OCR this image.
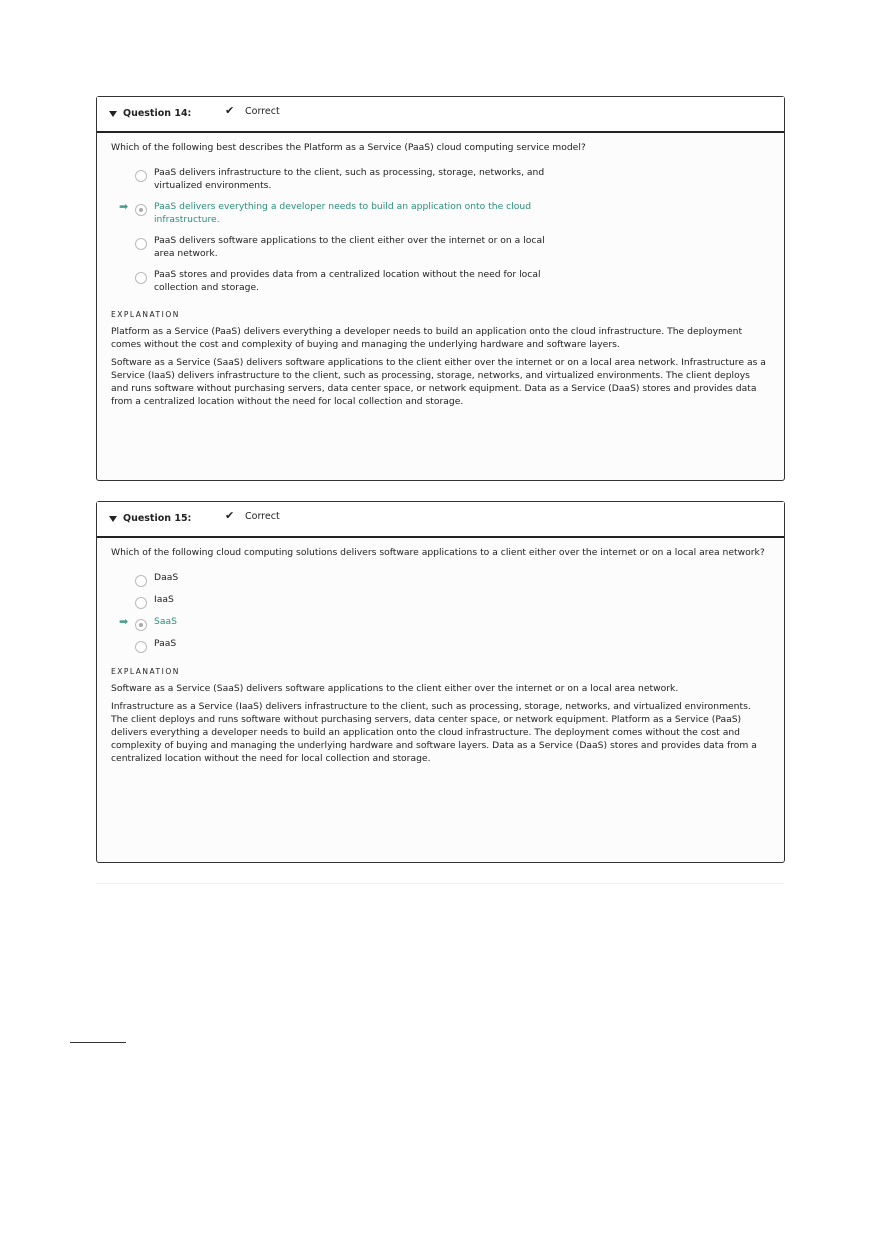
Question 14:	✔ Correct
Which of the following best describes the Platform as a Service (PaaS) cloud computing service model?
PaaS delivers infrastructure to the client, such as processing, storage, networks, and virtualized environments.
➡	PaaS delivers everything a developer needs to build an application onto the cloud infrastructure.
PaaS delivers software applications to the client either over the internet or on a local area network.
PaaS stores and provides data from a centralized location without the need for local collection and storage.
EXPLANATION

Platform as a Service (PaaS) delivers everything a developer needs to build an application onto the cloud infrastructure. The deployment comes without the cost and complexity of buying and managing the underlying hardware and software layers.

Software as a Service (SaaS) delivers software applications to the client either over the internet or on a local area network. Infrastructure as a Service (IaaS) delivers infrastructure to the client, such as processing, storage, networks, and virtualized environments. The client deploys and runs software without purchasing servers, data center space, or network equipment. Data as a Service (DaaS) stores and provides data from a centralized location without the need for local collection and storage.

Question 15:	✔ Correct
Which of the following cloud computing solutions delivers software applications to a client either over the internet or on a local area network?
DaaS
IaaS
➡	SaaS
PaaS
EXPLANATION

Software as a Service (SaaS) delivers software applications to the client either over the internet or on a local area network.

Infrastructure as a Service (IaaS) delivers infrastructure to the client, such as processing, storage, networks, and virtualized environments. The client deploys and runs software without purchasing servers, data center space, or network equipment. Platform as a Service (PaaS) delivers everything a developer needs to build an application onto the cloud infrastructure. The deployment comes without the cost and complexity of buying and managing the underlying hardware and software layers. Data as a Service (DaaS) stores and provides data from a centralized location without the need for local collection and storage.
